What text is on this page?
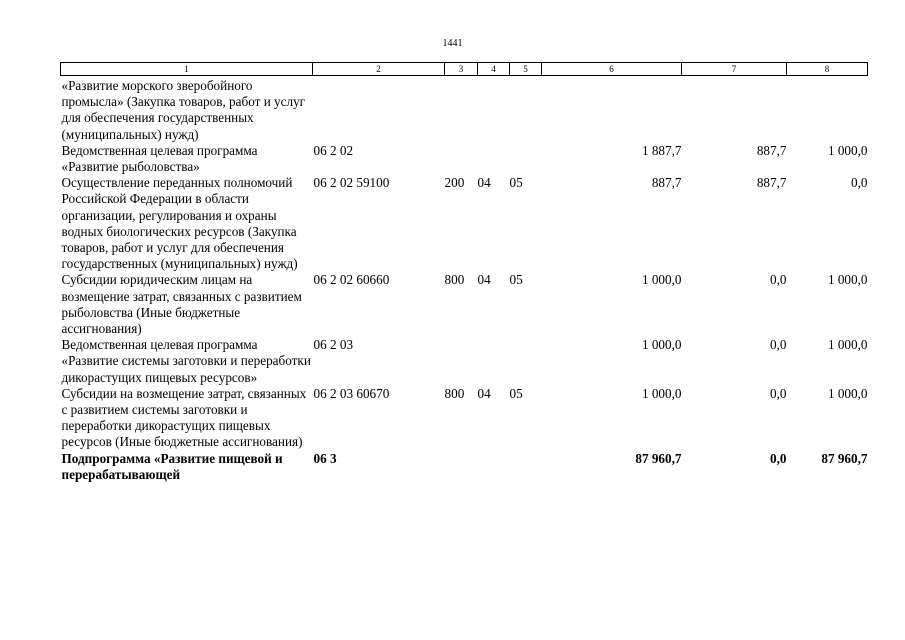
1441
1	2	3	4	5	6	7	8
«Развитие морского зверобойного промысла» (Закупка товаров, работ и услуг для обеспечения государственных (муниципальных) нужд)							
Ведомственная целевая программа «Развитие рыболовства»	06 2 02				1 887,7	887,7	1 000,0
Осуществление переданных полномочий Российской Федерации в области организации, регулирования и охраны водных биологических ресурсов (Закупка товаров, работ и услуг для обеспечения государственных (муниципальных) нужд)	06 2 02 59100	200	04	05	887,7	887,7	0,0
Субсидии юридическим лицам на возмещение затрат, связанных с развитием рыболовства (Иные бюджетные ассигнования)	06 2 02 60660	800	04	05	1 000,0	0,0	1 000,0
Ведомственная целевая программа «Развитие системы заготовки и переработки дикорастущих пищевых ресурсов»	06 2 03				1 000,0	0,0	1 000,0
Субсидии на возмещение затрат, связанных с развитием системы заготовки и переработки дикорастущих пищевых ресурсов (Иные бюджетные ассигнования)	06 2 03 60670	800	04	05	1 000,0	0,0	1 000,0
Подпрограмма «Развитие пищевой и перерабатывающей	06 3				87 960,7	0,0	87 960,7
